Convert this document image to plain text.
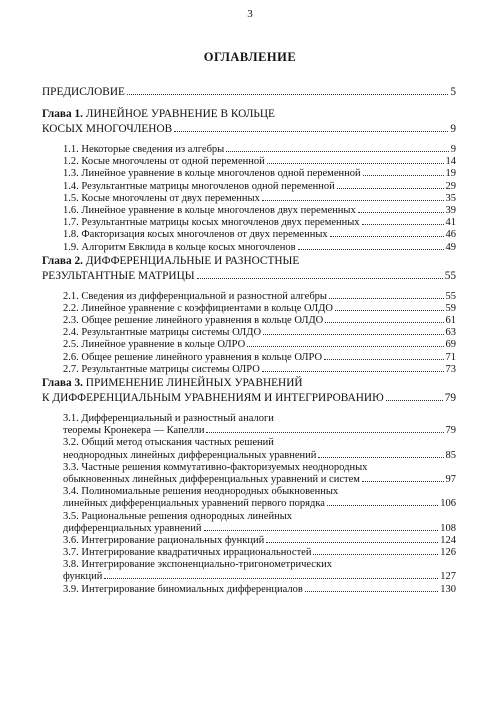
3
ОГЛАВЛЕНИЕ
ПРЕДИСЛОВИЕ	5
Глава 1. ЛИНЕЙНОЕ УРАВНЕНИЕ В КОЛЬЦЕ
КОСЫХ МНОГОЧЛЕНОВ	9
1.1. Некоторые сведения из алгебры	9
1.2. Косые многочлены от одной переменной	14
1.3. Линейное уравнение в кольце многочленов одной переменной	19
1.4. Результантные матрицы многочленов одной переменной	29
1.5. Косые многочлены от двух переменных	35
1.6. Линейное уравнение в кольце многочленов двух переменных	39
1.7. Результантные матрицы косых многочленов двух переменных	41
1.8. Факторизация косых многочленов от двух переменных	46
1.9. Алгоритм Евклида в кольце косых многочленов	49
Глава 2. ДИФФЕРЕНЦИАЛЬНЫЕ И РАЗНОСТНЫЕ
РЕЗУЛЬТАНТНЫЕ МАТРИЦЫ	55
2.1. Сведения из дифференциальной и разностной алгебры	55
2.2. Линейное уравнение с коэффициентами в кольце ОЛДО	59
2.3. Общее решение линейного уравнения в кольце ОЛДО	61
2.4. Результантные матрицы системы ОЛДО	63
2.5. Линейное уравнение в кольце ОЛРО	69
2.6. Общее решение линейного уравнения в кольце ОЛРО	71
2.7. Результантные матрицы системы ОЛРО	73
Глава 3. ПРИМЕНЕНИЕ ЛИНЕЙНЫХ УРАВНЕНИЙ
К ДИФФЕРЕНЦИАЛЬНЫМ УРАВНЕНИЯМ И ИНТЕГРИРОВАНИЮ	79
3.1. Дифференциальный и разностный аналоги
теоремы Кронекера — Капелли	79
3.2. Общий метод отыскания частных решений
неоднородных линейных дифференциальных уравнений	85
3.3. Частные решения коммутативно-факторизуемых неоднородных
обыкновенных линейных дифференциальных уравнений и систем	97
3.4. Полиномиальные решения неоднородных обыкновенных
линейных дифференциальных уравнений первого порядка	106
3.5. Рациональные решения однородных линейных
дифференциальных уравнений	108
3.6. Интегрирование рациональных функций	124
3.7. Интегрирование квадратичных иррациональностей	126
3.8. Интегрирование экспоненциально-тригонометрических
функций	127
3.9. Интегрирование биномиальных дифференциалов	130
